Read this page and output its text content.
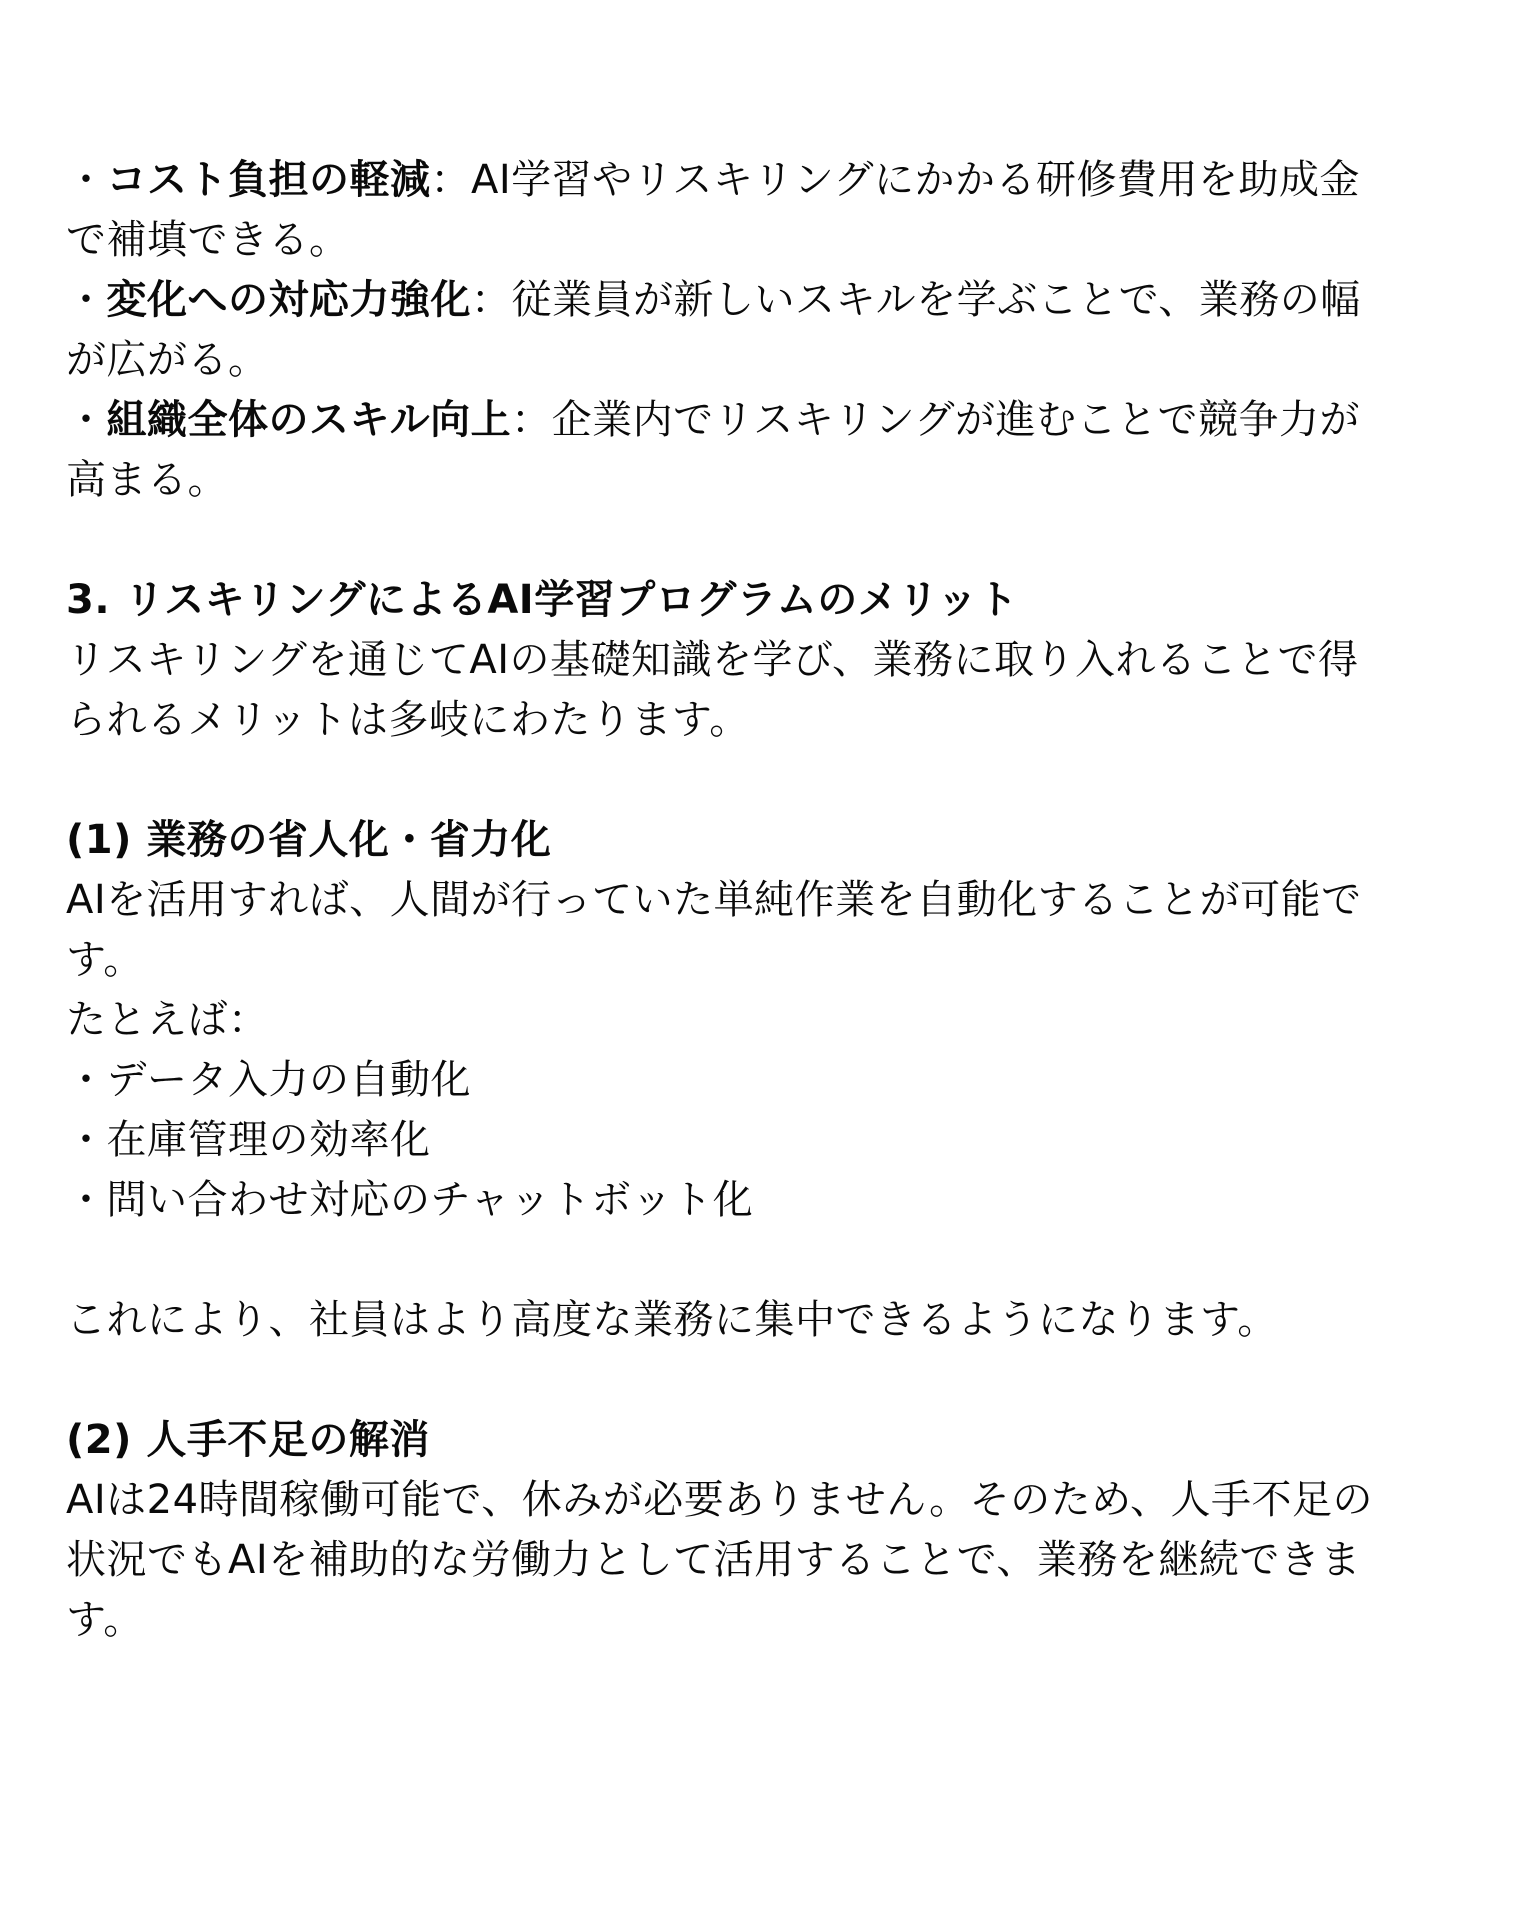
・コスト負担の軽減：AI学習やリスキリングにかかる研修費用を助成金
で補填できる。
・変化への対応力強化：従業員が新しいスキルを学ぶことで、業務の幅
が広がる。
・組織全体のスキル向上：企業内でリスキリングが進むことで競争力が
高まる。
3. リスキリングによるAI学習プログラムのメリット
リスキリングを通じてAIの基礎知識を学び、業務に取り入れることで得
られるメリットは多岐にわたります。
(1) 業務の省人化・省力化
AIを活用すれば、人間が行っていた単純作業を自動化することが可能で
す。
たとえば：
・データ入力の自動化
・在庫管理の効率化
・問い合わせ対応のチャットボット化
これにより、社員はより高度な業務に集中できるようになります。
(2) 人手不足の解消
AIは24時間稼働可能で、休みが必要ありません。そのため、人手不足の
状況でもAIを補助的な労働力として活用することで、業務を継続できま
す。
